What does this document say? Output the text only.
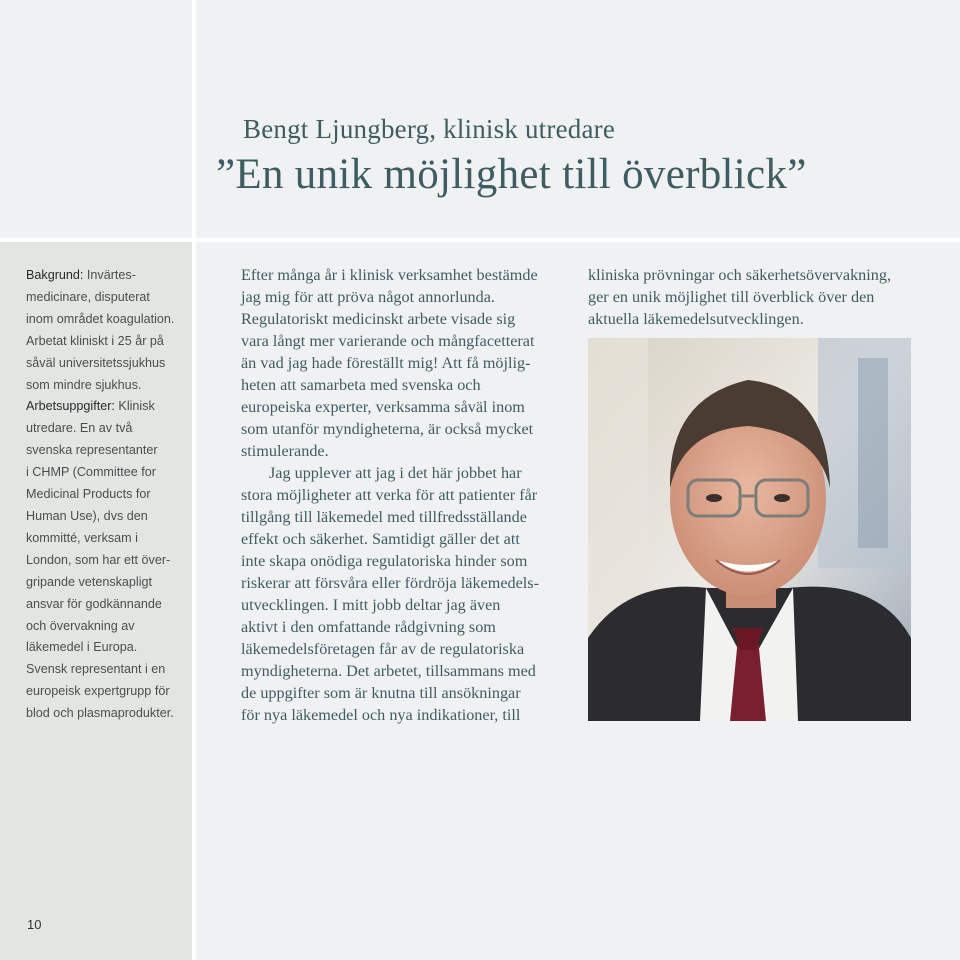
Bengt Ljungberg, klinisk utredare
”En unik möjlighet till överblick”
Bakgrund: Invärtes-
medicinare, disputerat
inom området koagulation.
Arbetat kliniskt i 25 år på
såväl universitetssjukhus
som mindre sjukhus.
Arbetsuppgifter: Klinisk
utredare. En av två
svenska representanter
i CHMP (Committee for
Medicinal Products for
Human Use), dvs den
kommitté, verksam i
London, som har ett över-
gripande vetenskapligt
ansvar för godkännande
och övervakning av
läkemedel i Europa.
Svensk representant i en
europeisk expertgrupp för
blod och plasmaprodukter.
Efter många år i klinisk verksamhet bestämde
jag mig för att pröva något annorlunda.
Regulatoriskt medicinskt arbete visade sig
vara långt mer varierande och mångfacetterat
än vad jag hade föreställt mig! Att få möjlig-
heten att samarbeta med svenska och
europeiska experter, verksamma såväl inom
som utanför myndigheterna, är också mycket
stimulerande.
Jag upplever att jag i det här jobbet har
stora möjligheter att verka för att patienter får
tillgång till läkemedel med tillfredsställande
effekt och säkerhet. Samtidigt gäller det att
inte skapa onödiga regulatoriska hinder som
riskerar att försvåra eller fördröja läkemedels-
utvecklingen. I mitt jobb deltar jag även
aktivt i den omfattande rådgivning som
läkemedelsföretagen får av de regulatoriska
myndigheterna. Det arbetet, tillsammans med
de uppgifter som är knutna till ansökningar
för nya läkemedel och nya indikationer, till
kliniska prövningar och säkerhetsövervakning,
ger en unik möjlighet till överblick över den
aktuella läkemedelsutvecklingen.
10
